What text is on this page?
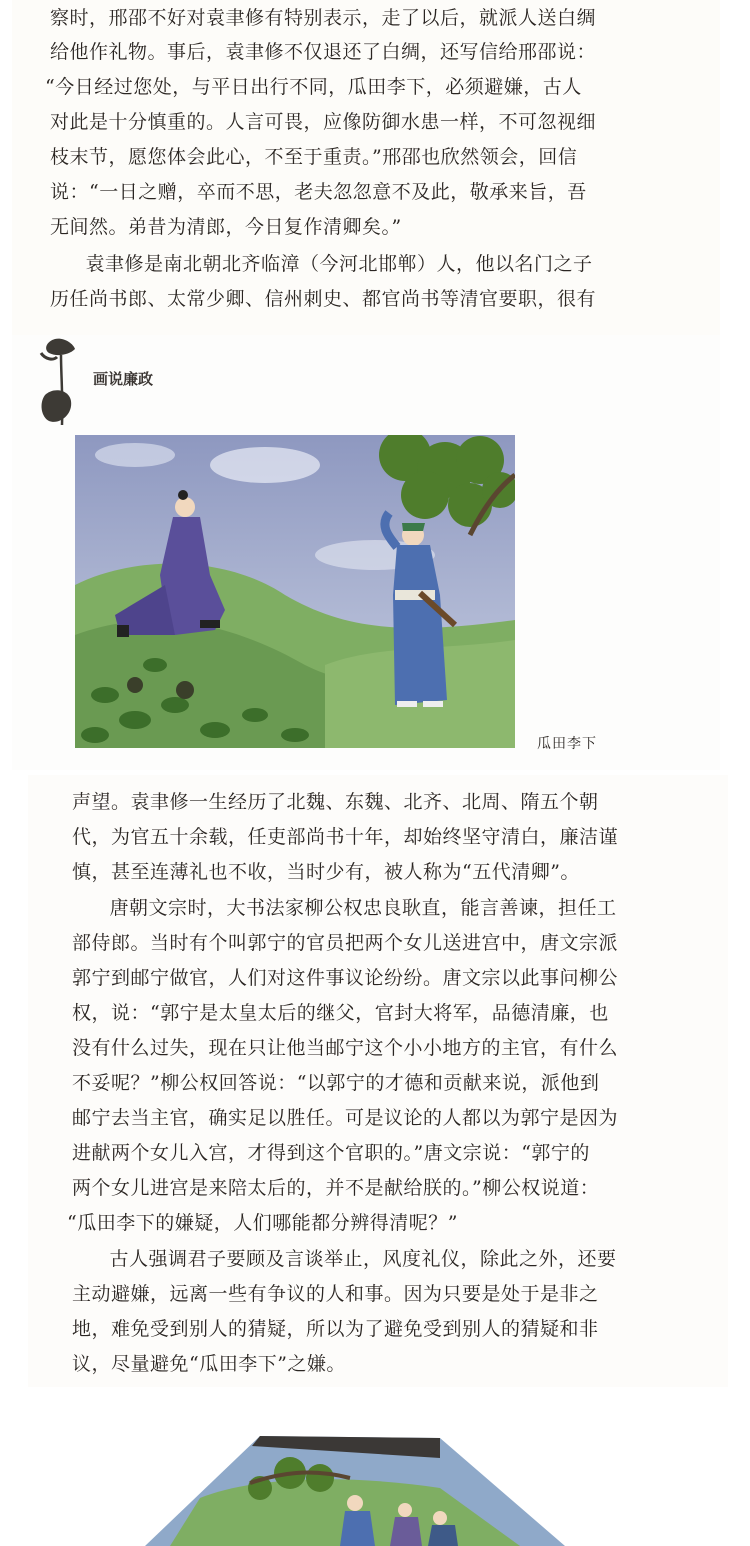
察时，邢邵不好对袁聿修有特别表示，走了以后，就派人送白绸
给他作礼物。事后，袁聿修不仅退还了白绸，还写信给邢邵说：
“今日经过您处，与平日出行不同，瓜田李下，必须避嫌，古人
对此是十分慎重的。人言可畏，应像防御水患一样，不可忽视细
枝末节，愿您体会此心，不至于重责。”邢邵也欣然领会，回信
说：“一日之赠，卒而不思，老夫忽忽意不及此，敬承来旨，吾
无间然。弟昔为清郎，今日复作清卿矣。”
　袁聿修是南北朝北齐临漳（今河北邯郸）人，他以名门之子
历任尚书郎、太常少卿、信州刺史、都官尚书等清官要职，很有
画说廉政
瓜田李下
声望。袁聿修一生经历了北魏、东魏、北齐、北周、隋五个朝
代，为官五十余载，任吏部尚书十年，却始终坚守清白，廉洁谨
慎，甚至连薄礼也不收，当时少有，被人称为“五代清卿”。
　唐朝文宗时，大书法家柳公权忠良耿直，能言善谏，担任工
部侍郎。当时有个叫郭宁的官员把两个女儿送进宫中，唐文宗派
郭宁到邮宁做官，人们对这件事议论纷纷。唐文宗以此事问柳公
权，说：“郭宁是太皇太后的继父，官封大将军，品德清廉，也
没有什么过失，现在只让他当邮宁这个小小地方的主官，有什么
不妥呢？”柳公权回答说：“以郭宁的才德和贡献来说，派他到
邮宁去当主官，确实足以胜任。可是议论的人都以为郭宁是因为
进献两个女儿入宫，才得到这个官职的。”唐文宗说：“郭宁的
两个女儿进宫是来陪太后的，并不是献给朕的。”柳公权说道：
“瓜田李下的嫌疑，人们哪能都分辨得清呢？”
　古人强调君子要顾及言谈举止，风度礼仪，除此之外，还要
主动避嫌，远离一些有争议的人和事。因为只要是处于是非之
地，难免受到别人的猜疑，所以为了避免受到别人的猜疑和非
议，尽量避免“瓜田李下”之嫌。
